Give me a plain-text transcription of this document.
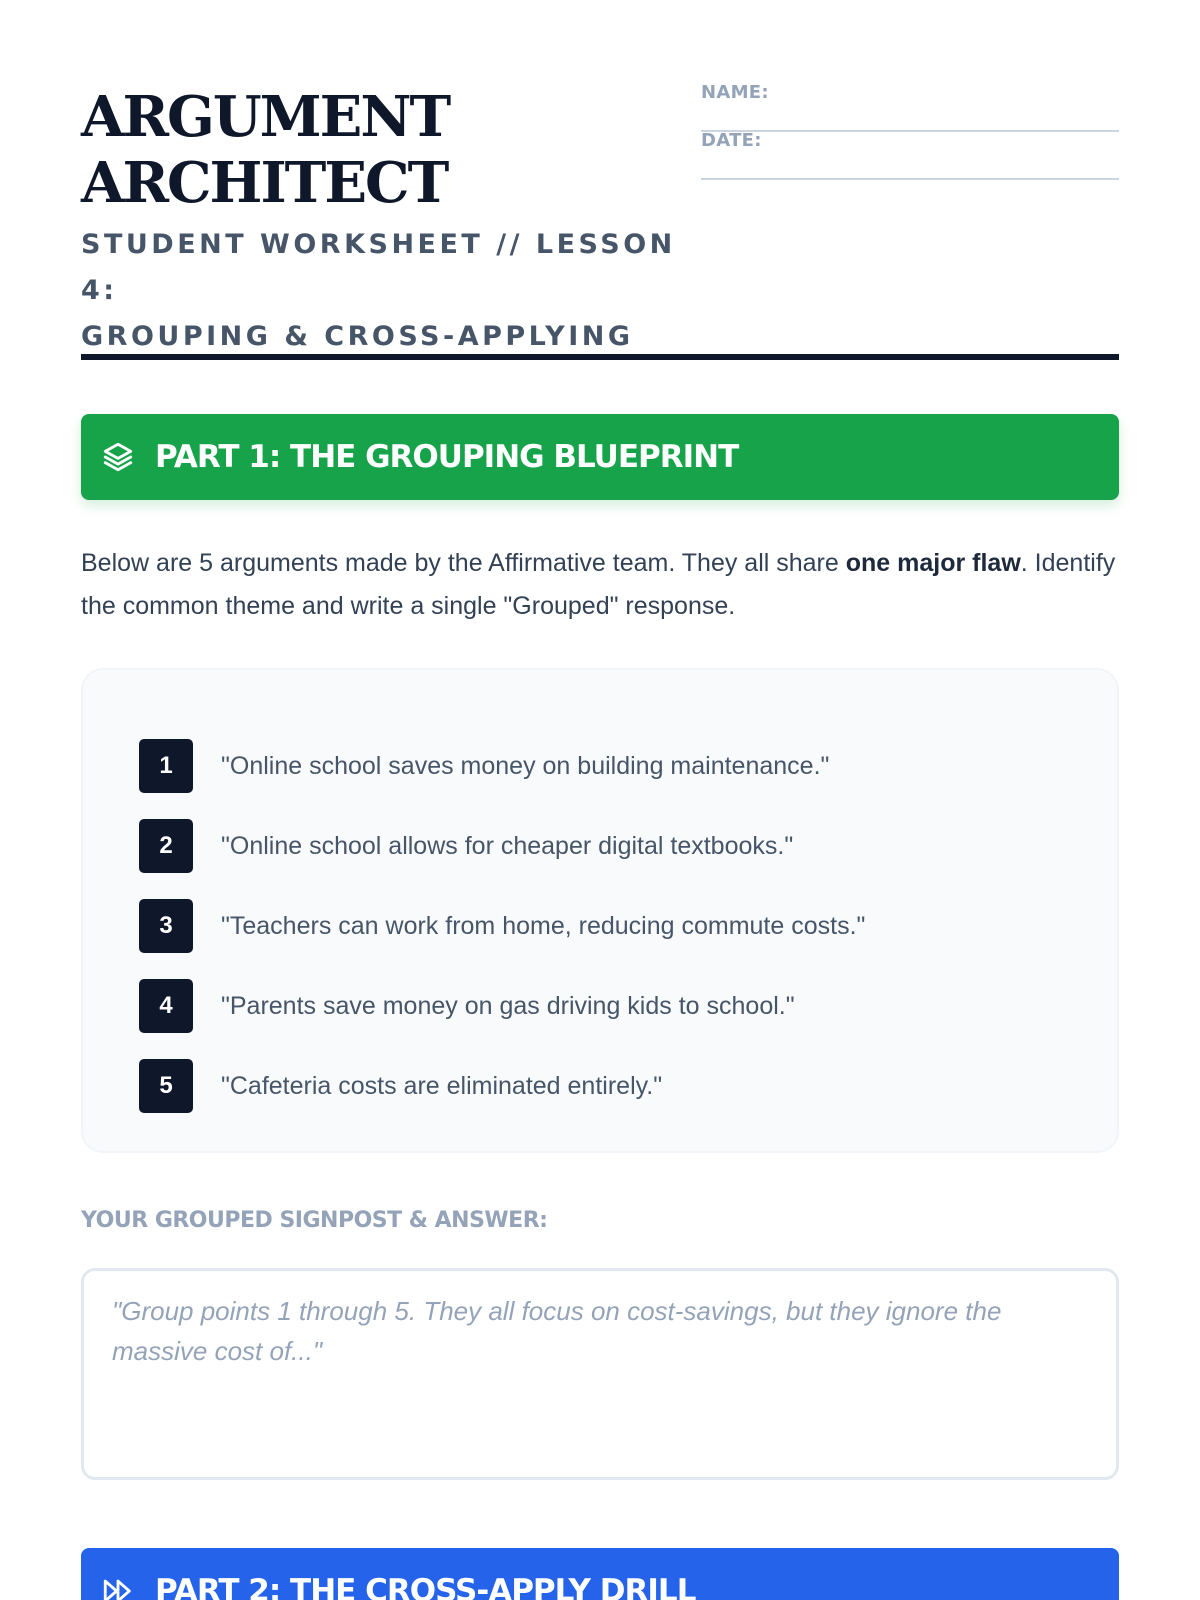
ARGUMENT
ARCHITECT
STUDENT WORKSHEET // LESSON 4:
GROUPING & CROSS-APPLYING
NAME:
DATE:
PART 1: THE GROUPING BLUEPRINT

Below are 5 arguments made by the Affirmative team. They all share one major flaw. Identify the common theme and write a single "Grouped" response.

1	"Online school saves money on building maintenance."
2	"Online school allows for cheaper digital textbooks."
3	"Teachers can work from home, reducing commute costs."
4	"Parents save money on gas driving kids to school."
5	"Cafeteria costs are eliminated entirely."
YOUR GROUPED SIGNPOST & ANSWER:
"Group points 1 through 5. They all focus on cost-savings, but they ignore the massive cost of..."
PART 2: THE CROSS-APPLY DRILL
